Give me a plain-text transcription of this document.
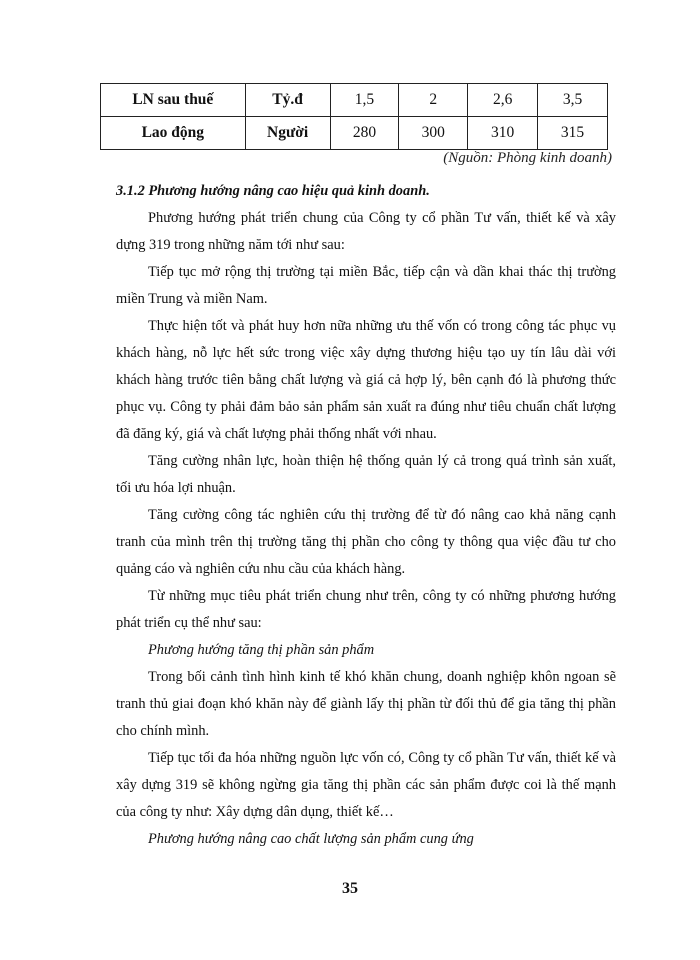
LN sau thuế	Tỷ.đ	1,5	2	2,6	3,5
Lao động	Người	280	300	310	315
(Nguồn: Phòng kinh doanh)

3.1.2 Phương hướng nâng cao hiệu quả kinh doanh.

Phương hướng phát triển chung của Công ty cổ phần Tư vấn, thiết kế và xây dựng 319 trong những năm tới như sau:

Tiếp tục mở rộng thị trường tại miền Bắc, tiếp cận và dần khai thác thị trường miền Trung và miền Nam.

Thực hiện tốt và phát huy hơn nữa những ưu thế vốn có trong công tác phục vụ khách hàng, nỗ lực hết sức trong việc xây dựng thương hiệu tạo uy tín lâu dài với khách hàng trước tiên bằng chất lượng và giá cả hợp lý, bên cạnh đó là phương thức phục vụ. Công ty phải đảm bảo sản phẩm sản xuất ra đúng như tiêu chuẩn chất lượng đã đăng ký, giá và chất lượng phải thống nhất với nhau.

Tăng cường nhân lực, hoàn thiện hệ thống quản lý cả trong quá trình sản xuất, tối ưu hóa lợi nhuận.

Tăng cường công tác nghiên cứu thị trường để từ đó nâng cao khả năng cạnh tranh của mình trên thị trường tăng thị phần cho công ty thông qua việc đầu tư cho quảng cáo và nghiên cứu nhu cầu của khách hàng.

Từ những mục tiêu phát triển chung như trên, công ty có những phương hướng phát triển cụ thể như sau:

Phương hướng tăng thị phần sản phẩm

Trong bối cảnh tình hình kinh tế khó khăn chung, doanh nghiệp khôn ngoan sẽ tranh thủ giai đoạn khó khăn này để giành lấy thị phần từ đối thủ để gia tăng thị phần cho chính mình.

Tiếp tục tối đa hóa những nguồn lực vốn có, Công ty cổ phần Tư vấn, thiết kế và xây dựng 319 sẽ không ngừng gia tăng thị phần các sản phẩm được coi là thế mạnh của công ty như: Xây dựng dân dụng, thiết kế…

Phương hướng nâng cao chất lượng sản phẩm cung ứng

35
